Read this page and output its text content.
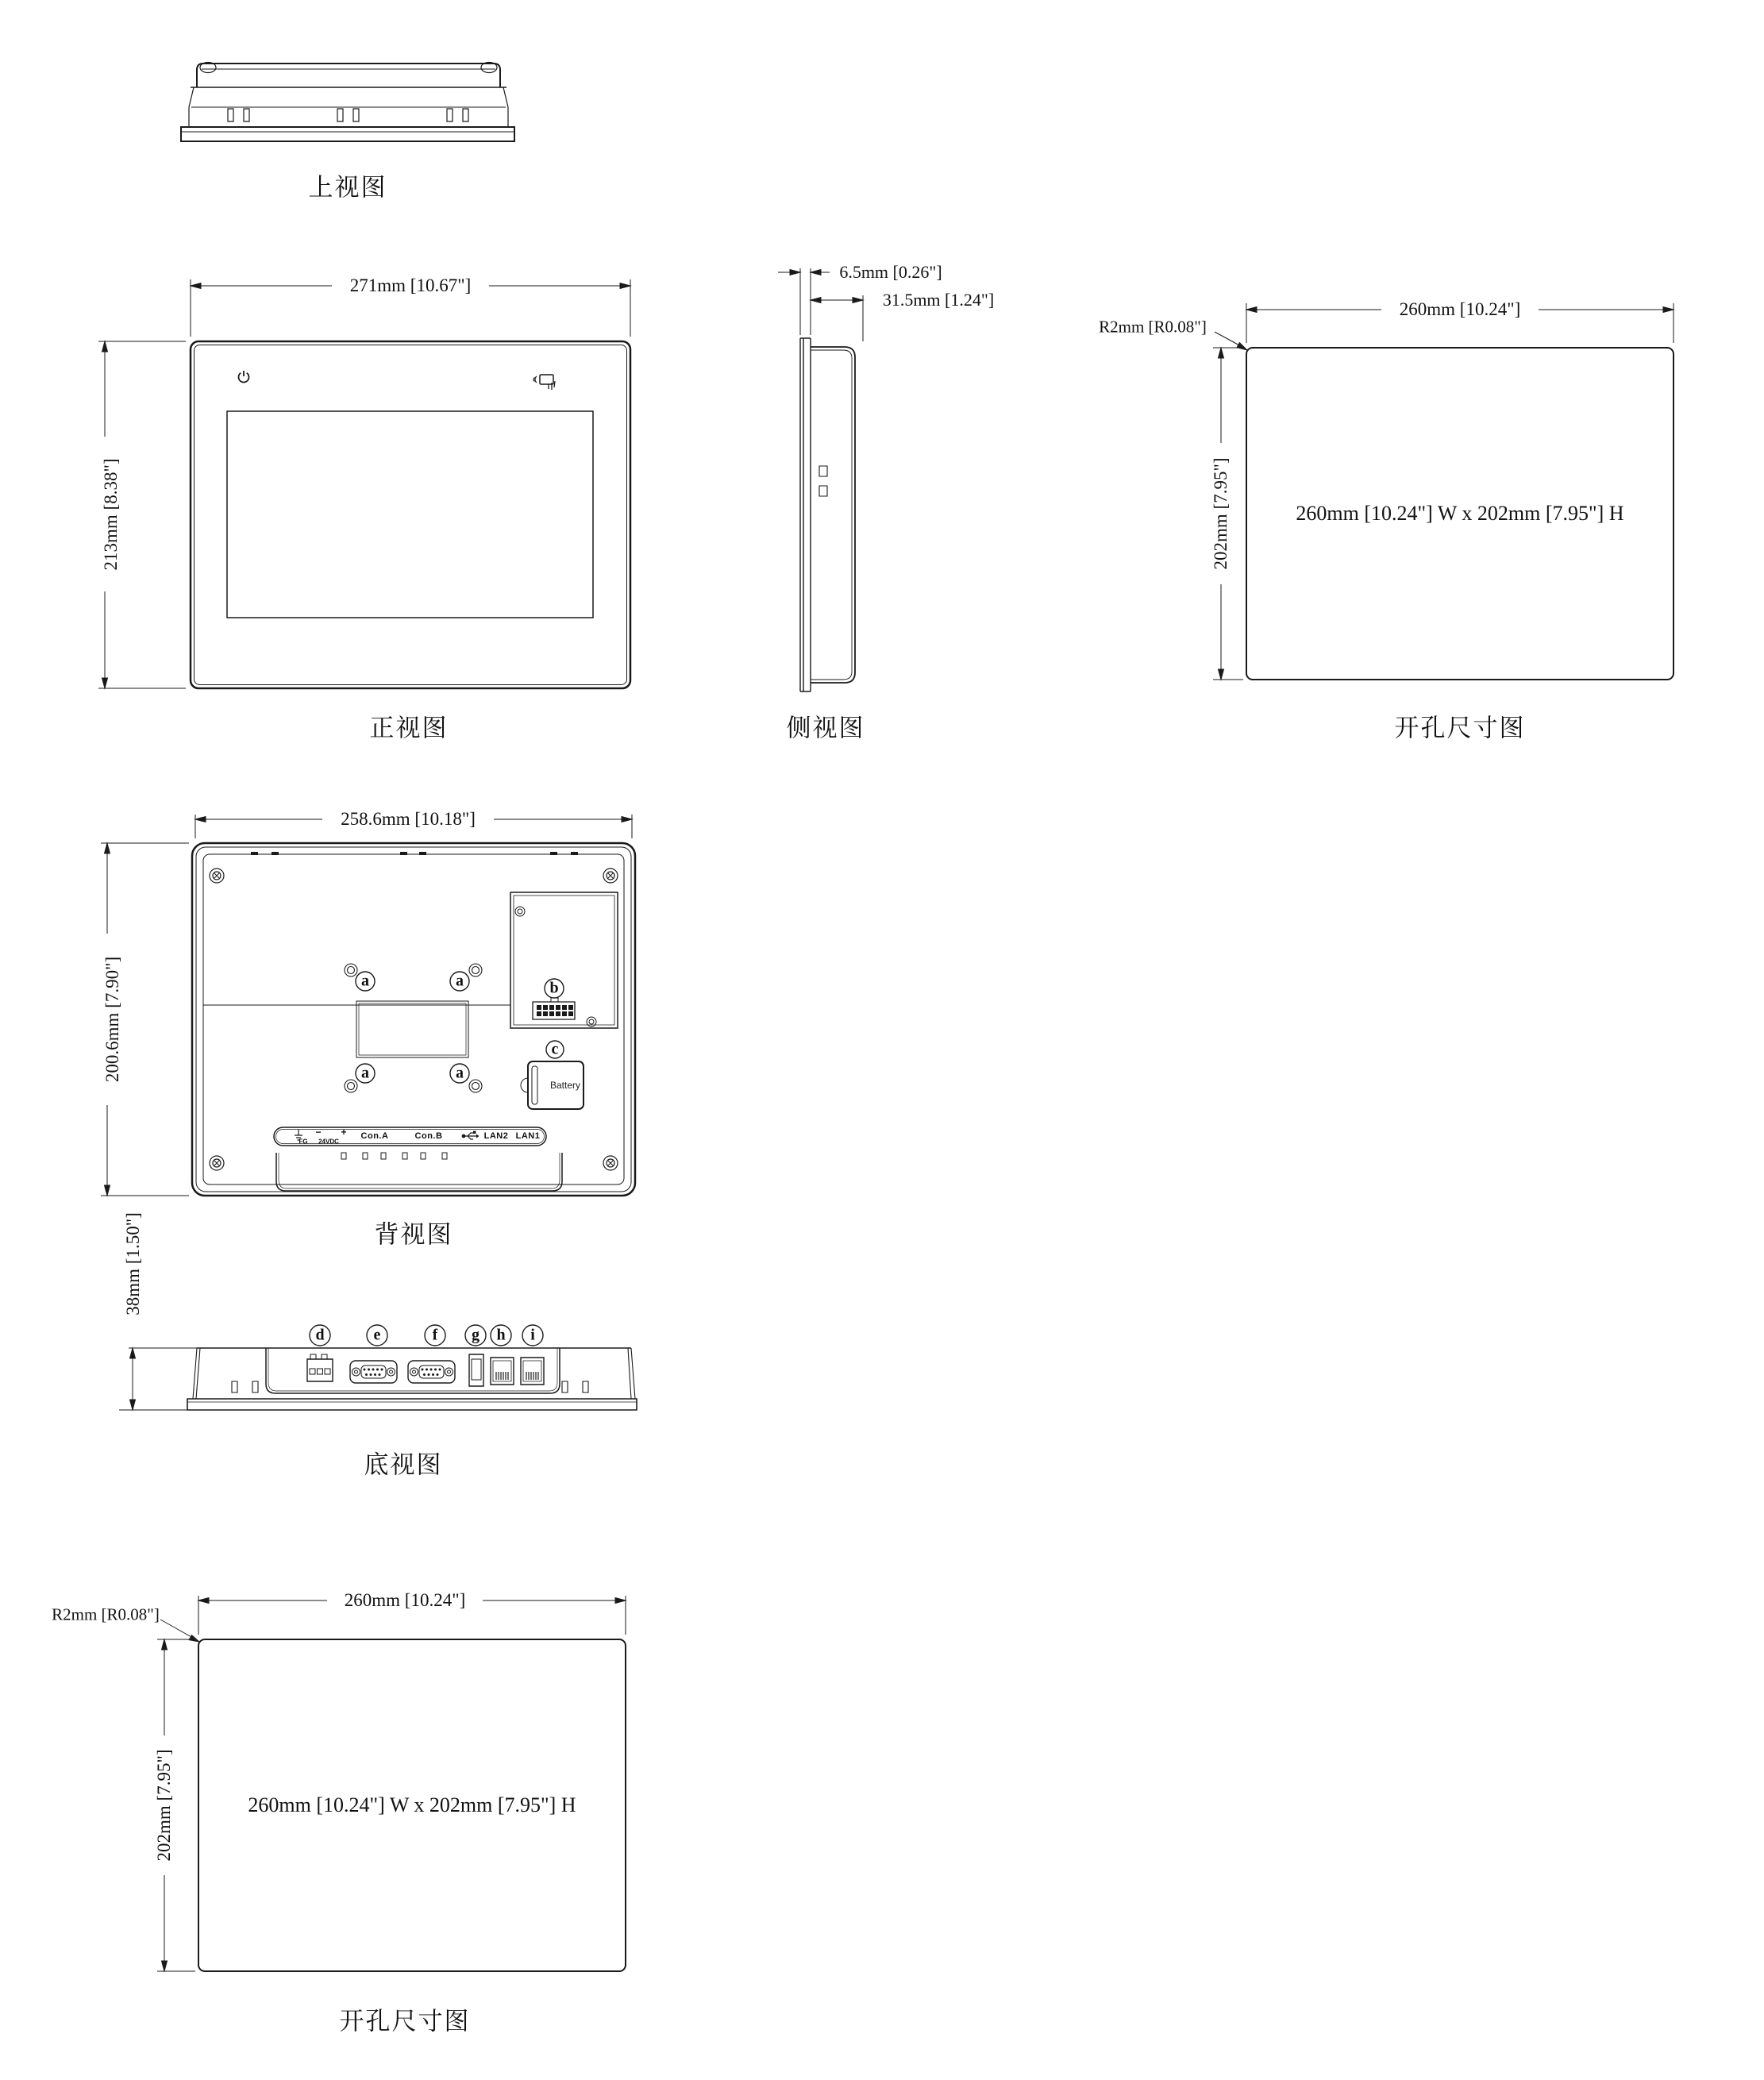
上视图
正视图	侧视图	开孔尺寸图
背视图
底视图
开孔尺寸图
271mm [10.67"]
213mm [8.38"]
6.5mm [0.26"]
31.5mm [1.24"]	260mm [10.24"]
202mm [7.95"]
R2mm [R0.08"]
260mm [10.24"] W x 202mm [7.95"] H
258.6mm [10.18"]
200.6mm [7.90"]	a	a
a	a
b
c
Battery
− +
FG 24VDC
Con.A	Con.B	LAN2 LAN1
38mm [1.50"]
d	e	f g h i
260mm [10.24"]
202mm [7.95"]
R2mm [R0.08"]
260mm [10.24"] W x 202mm [7.95"] H
